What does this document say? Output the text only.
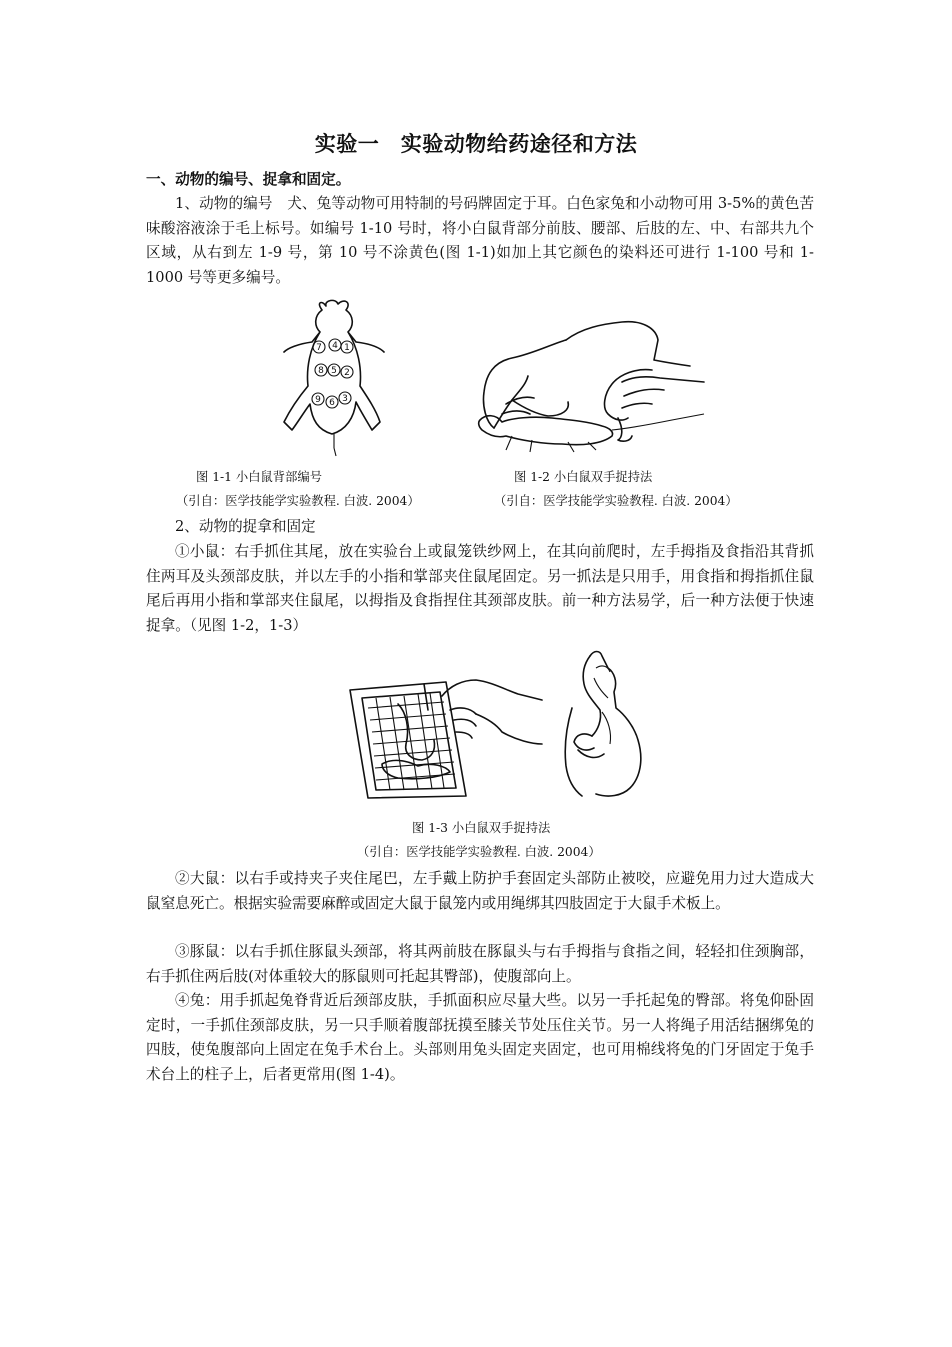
实验一　实验动物给药途径和方法
一、动物的编号、捉拿和固定。
1、动物的编号　犬、兔等动物可用特制的号码牌固定于耳。白色家兔和小动物可用 3-5%的黄色苦味酸溶液涂于毛上标号。如编号 1-10 号时，将小白鼠背部分前肢、腰部、后肢的左、中、右部共九个区域，从右到左 1-9 号，第 10 号不涂黄色(图 1-1)如加上其它颜色的染料还可进行 1-100 号和 1-1000 号等更多编号。
4
7 1
8 5 2
9 6 3
图 1-1 小白鼠背部编号	图 1-2 小白鼠双手捉持法
（引自：医学技能学实验教程. 白波. 2004）	（引自：医学技能学实验教程. 白波. 2004）
2、动物的捉拿和固定
①小鼠：右手抓住其尾，放在实验台上或鼠笼铁纱网上，在其向前爬时，左手拇指及食指沿其背抓住两耳及头颈部皮肤，并以左手的小指和掌部夹住鼠尾固定。另一抓法是只用手，用食指和拇指抓住鼠尾后再用小指和掌部夹住鼠尾，以拇指及食指捏住其颈部皮肤。前一种方法易学，后一种方法便于快速捉拿。（见图 1-2，1-3）
图 1-3 小白鼠双手捉持法
（引自：医学技能学实验教程. 白波. 2004）
②大鼠：以右手或持夹子夹住尾巴，左手戴上防护手套固定头部防止被咬，应避免用力过大造成大鼠窒息死亡。根据实验需要麻醉或固定大鼠于鼠笼内或用绳绑其四肢固定于大鼠手术板上。
③豚鼠：以右手抓住豚鼠头颈部，将其两前肢在豚鼠头与右手拇指与食指之间，轻轻扣住颈胸部，右手抓住两后肢(对体重较大的豚鼠则可托起其臀部)，使腹部向上。
④兔：用手抓起兔脊背近后颈部皮肤，手抓面积应尽量大些。以另一手托起兔的臀部。将兔仰卧固定时，一手抓住颈部皮肤，另一只手顺着腹部抚摸至膝关节处压住关节。另一人将绳子用活结捆绑兔的四肢，使兔腹部向上固定在兔手术台上。头部则用兔头固定夹固定，也可用棉线将兔的门牙固定于兔手术台上的柱子上，后者更常用(图 1-4)。
